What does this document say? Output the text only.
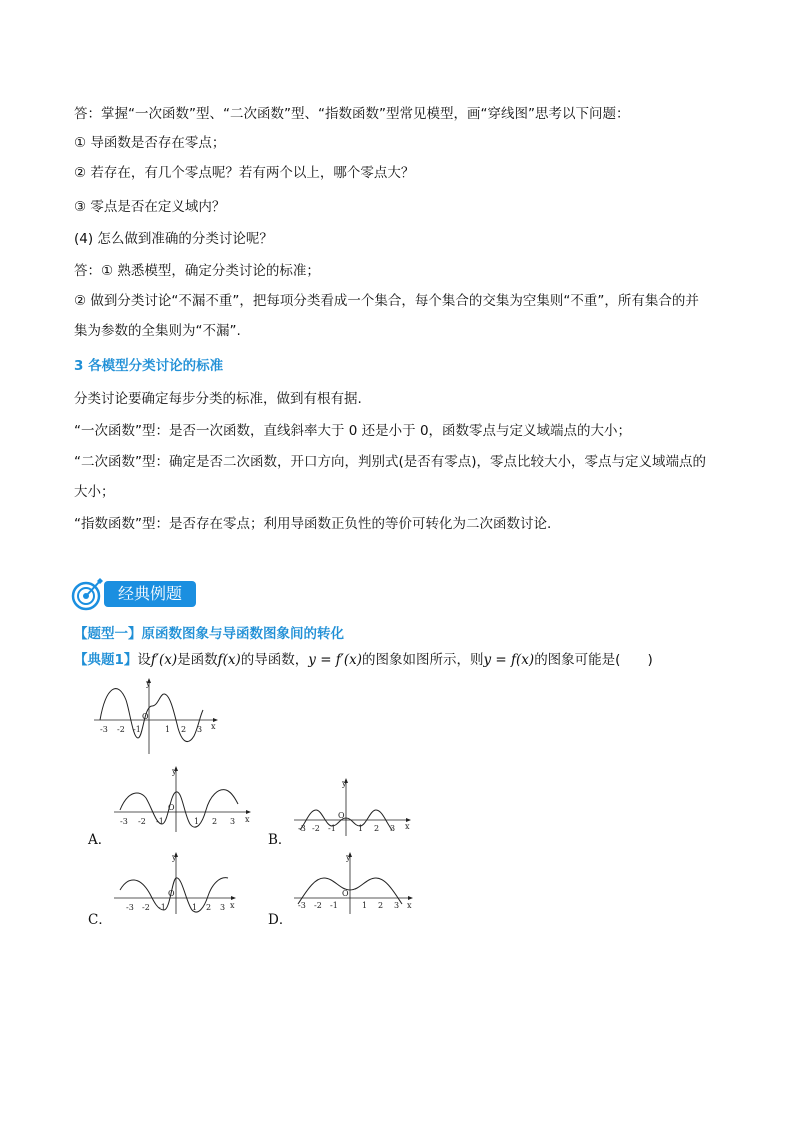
答：掌握“一次函数”型、“二次函数”型、“指数函数”型常见模型，画“穿线图”思考以下问题：
① 导函数是否存在零点；
② 若存在，有几个零点呢？若有两个以上，哪个零点大？
③ 零点是否在定义域内？
(4) 怎么做到准确的分类讨论呢？
答：① 熟悉模型，确定分类讨论的标准；
② 做到分类讨论“不漏不重”，把每项分类看成一个集合，每个集合的交集为空集则“不重”，所有集合的并
集为参数的全集则为“不漏”.
3 各模型分类讨论的标准
分类讨论要确定每步分类的标准，做到有根有据.
“一次函数”型：是否一次函数，直线斜率大于 0 还是小于 0，函数零点与定义域端点的大小；
“二次函数”型：确定是否二次函数，开口方向，判别式(是否有零点)，零点比较大小，零点与定义域端点的
大小；
“指数函数”型：是否存在零点；利用导函数正负性的等价可转化为二次函数讨论.
经典例题
【题型一】原函数图象与导函数图象间的转化
【典题1】设f′(x)是函数f(x)的导函数，y = f′(x)的图象如图所示，则y = f(x)的图象可能是(　　)
y
x
O
-3 -2 -1	1 2 3
A．
y
x
O
-3 -2 -1	1 2 3
B．
y
x
O
-3 -2 -1	1 2 3
C．
y
x
O
-3 -2 -1	1 2 3
D．
y
x
O
-3 -2 -1	1 2 3
